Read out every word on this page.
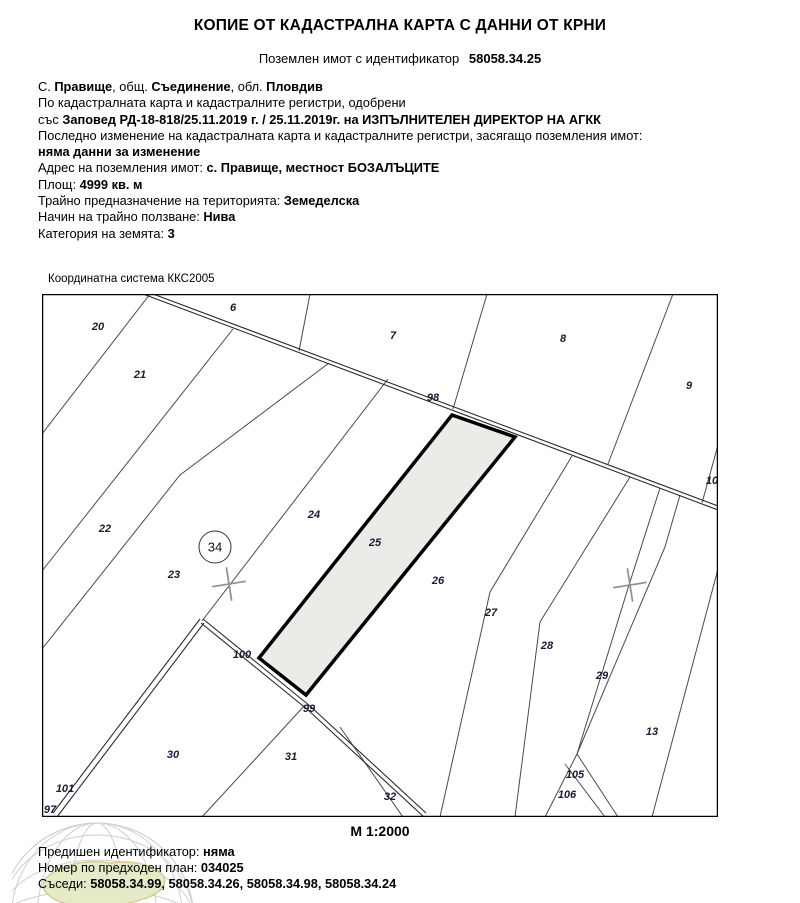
КОПИЕ ОТ КАДАСТРАЛНА КАРТА С ДАННИ ОТ КРНИ
Поземлен имот с идентификатор 58058.34.25
С. Правище, общ. Съединение, обл. Пловдив
По кадастралната карта и кадастралните регистри, одобрени
със Заповед РД-18-818/25.11.2019 г. / 25.11.2019г. на ИЗПЪЛНИТЕЛЕН ДИРЕКТОР НА АГКК
Последно изменение на кадастралната карта и кадастралните регистри, засягащо поземления имот:
няма данни за изменение
Адрес на поземления имот: с. Правище, местност БОЗАЛЪЦИТЕ
Площ: 4999 кв. м
Трайно предназначение на територията: Земеделска
Начин на трайно ползване: Нива
Категория на земята: 3
Координатна система ККС2005
34
20
21
6
7	8
9
10
98
22
23
24
25
26
27
28
29
13
100
99
30	31
32
105
106
101
97
М 1:2000
Предишен идентификатор: няма
Номер по предходен план: 034025
Съседи: 58058.34.99, 58058.34.26, 58058.34.98, 58058.34.24
